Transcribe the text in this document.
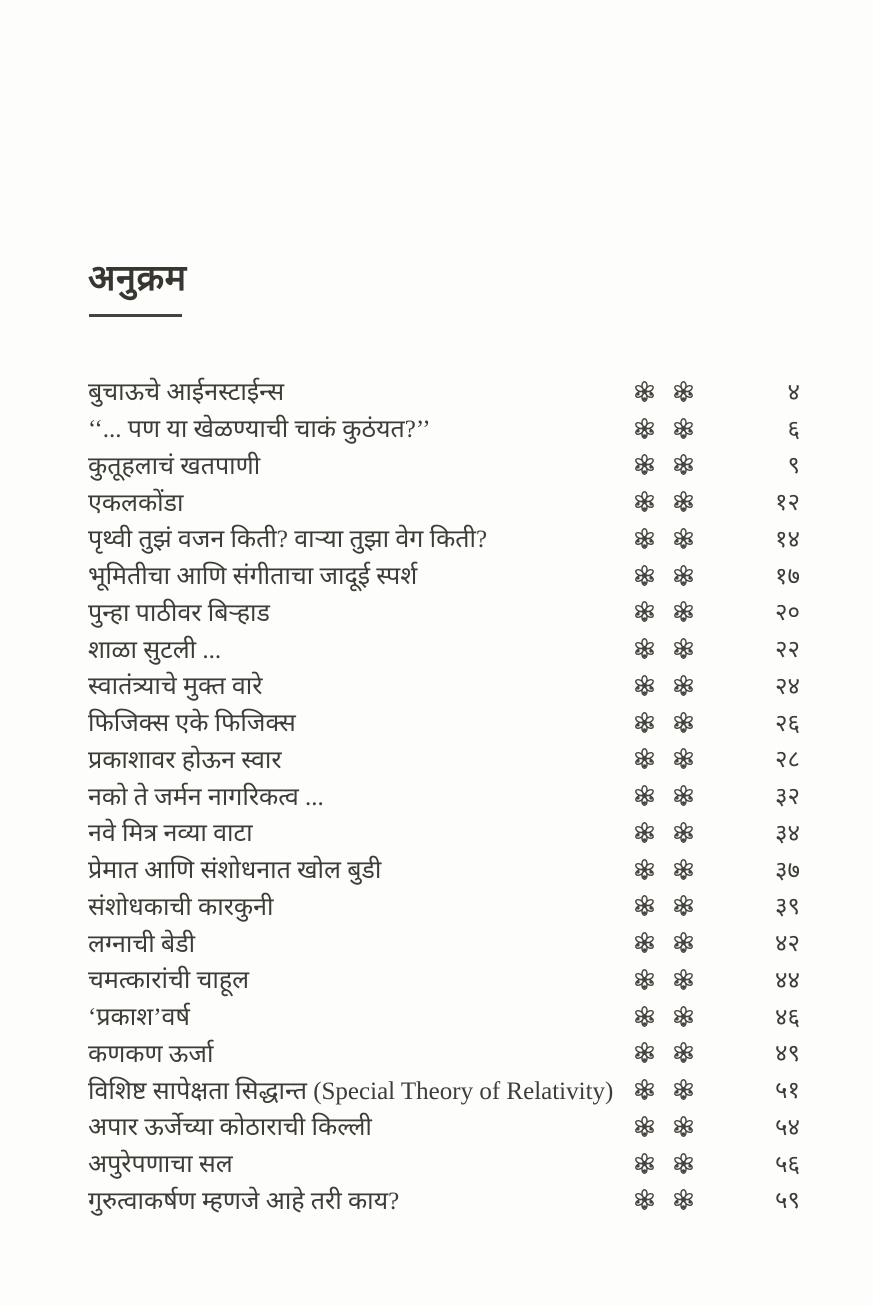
अनुक्रम
बुचाऊचे आईनस्टाईन्स	४
‘‘... पण या खेळण्याची चाकं कुठंयत?’’	६
कुतूहलाचं खतपाणी	९
एकलकोंडा	१२
पृथ्वी तुझं वजन किती? वाऱ्या तुझा वेग किती?	१४
भूमितीचा आणि संगीताचा जादूई स्पर्श	१७
पुन्हा पाठीवर बिऱ्हाड	२०
शाळा सुटली ...	२२
स्वातंत्र्याचे मुक्त वारे	२४
फिजिक्स एके फिजिक्स	२६
प्रकाशावर होऊन स्वार	२८
नको ते जर्मन नागरिकत्व ...	३२
नवे मित्र नव्या वाटा	३४
प्रेमात आणि संशोधनात खोल बुडी	३७
संशोधकाची कारकुनी	३९
लग्नाची बेडी	४२
चमत्कारांची चाहूल	४४
‘प्रकाश’वर्ष	४६
कणकण ऊर्जा	४९
विशिष्ट सापेक्षता सिद्धान्त (Special Theory of Relativity)	५१
अपार ऊर्जेच्या कोठाराची किल्ली	५४
अपुरेपणाचा सल	५६
गुरुत्वाकर्षण म्हणजे आहे तरी काय?	५९
